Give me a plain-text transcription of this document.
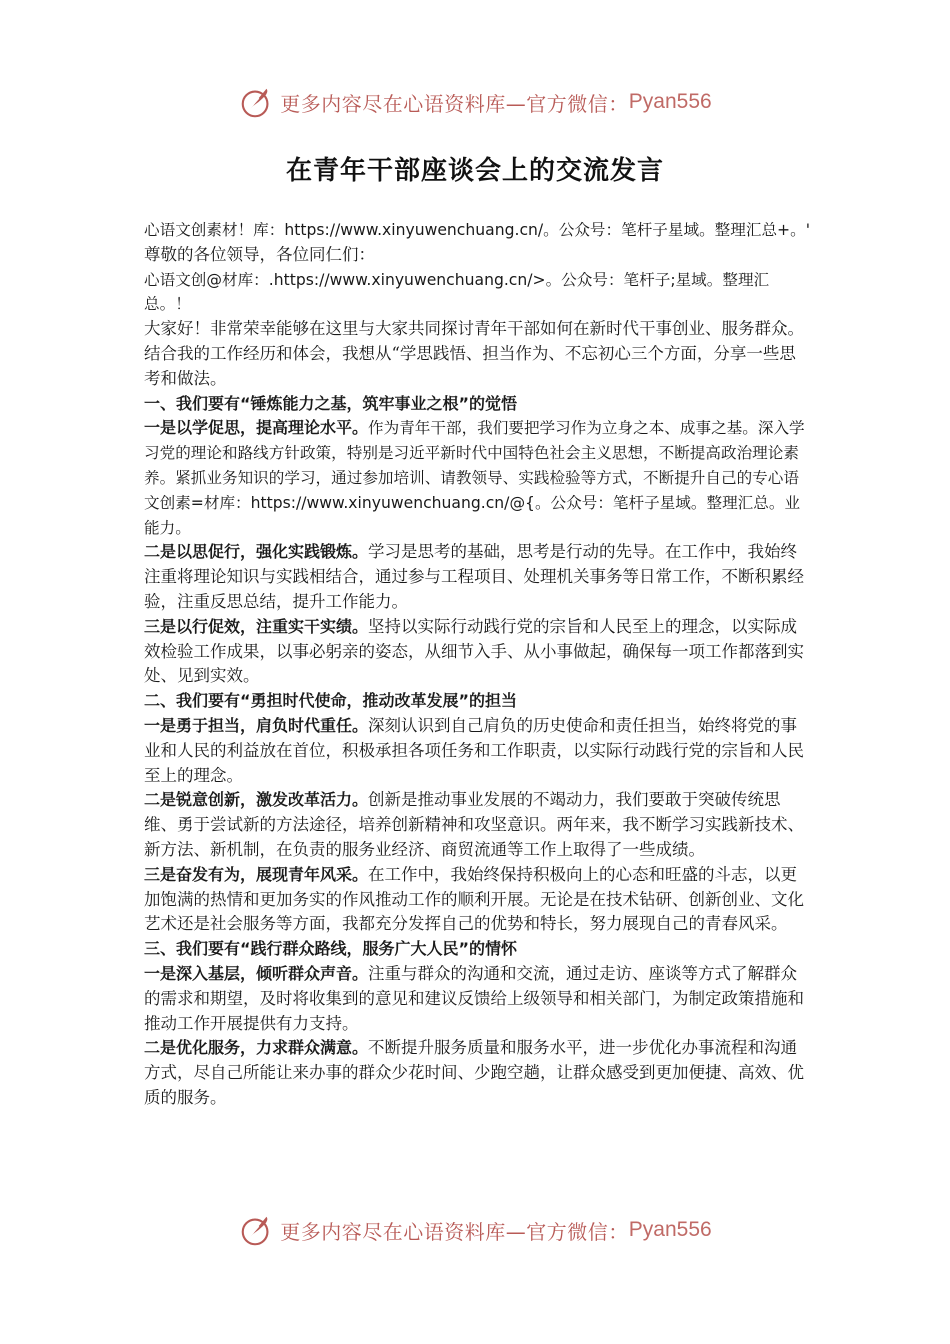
更多内容尽在心语资料库—官方微信： Pyan556
在青年干部座谈会上的交流发言

心语文创素材！库：https://www.xinyuwenchuang.cn/。公众号：笔杆子星域。整理汇总+。'

尊敬的各位领导，各位同仁们：

心语文创@材库：.https://www.xinyuwenchuang.cn/>。公众号：笔杆子;星域。整理汇总。！

大家好！非常荣幸能够在这里与大家共同探讨青年干部如何在新时代干事创业、服务群众。结合我的工作经历和体会，我想从“学思践悟、担当作为、不忘初心三个方面，分享一些思考和做法。

一、我们要有“锤炼能力之基，筑牢事业之根”的觉悟

一是以学促思，提高理论水平。作为青年干部，我们要把学习作为立身之本、成事之基。深入学习党的理论和路线方针政策，特别是习近平新时代中国特色社会主义思想，不断提高政治理论素养。紧抓业务知识的学习，通过参加培训、请教领导、实践检验等方式，不断提升自己的专心语文创素=材库：https://www.xinyuwenchuang.cn/@{。公众号：笔杆子星域。整理汇总。业能力。

二是以思促行，强化实践锻炼。学习是思考的基础，思考是行动的先导。在工作中，我始终注重将理论知识与实践相结合，通过参与工程项目、处理机关事务等日常工作，不断积累经验，注重反思总结，提升工作能力。

三是以行促效，注重实干实绩。坚持以实际行动践行党的宗旨和人民至上的理念，以实际成效检验工作成果，以事必躬亲的姿态，从细节入手、从小事做起，确保每一项工作都落到实处、见到实效。

二、我们要有“勇担时代使命，推动改革发展”的担当

一是勇于担当，肩负时代重任。深刻认识到自己肩负的历史使命和责任担当，始终将党的事业和人民的利益放在首位，积极承担各项任务和工作职责，以实际行动践行党的宗旨和人民至上的理念。

二是锐意创新，激发改革活力。创新是推动事业发展的不竭动力，我们要敢于突破传统思维、勇于尝试新的方法途径，培养创新精神和攻坚意识。两年来，我不断学习实践新技术、新方法、新机制，在负责的服务业经济、商贸流通等工作上取得了一些成绩。

三是奋发有为，展现青年风采。在工作中，我始终保持积极向上的心态和旺盛的斗志，以更加饱满的热情和更加务实的作风推动工作的顺利开展。无论是在技术钻研、创新创业、文化艺术还是社会服务等方面，我都充分发挥自己的优势和特长，努力展现自己的青春风采。

三、我们要有“践行群众路线，服务广大人民”的情怀

一是深入基层，倾听群众声音。注重与群众的沟通和交流，通过走访、座谈等方式了解群众的需求和期望，及时将收集到的意见和建议反馈给上级领导和相关部门，为制定政策措施和推动工作开展提供有力支持。

二是优化服务，力求群众满意。不断提升服务质量和服务水平，进一步优化办事流程和沟通方式，尽自己所能让来办事的群众少花时间、少跑空趟，让群众感受到更加便捷、高效、优质的服务。

更多内容尽在心语资料库—官方微信： Pyan556
